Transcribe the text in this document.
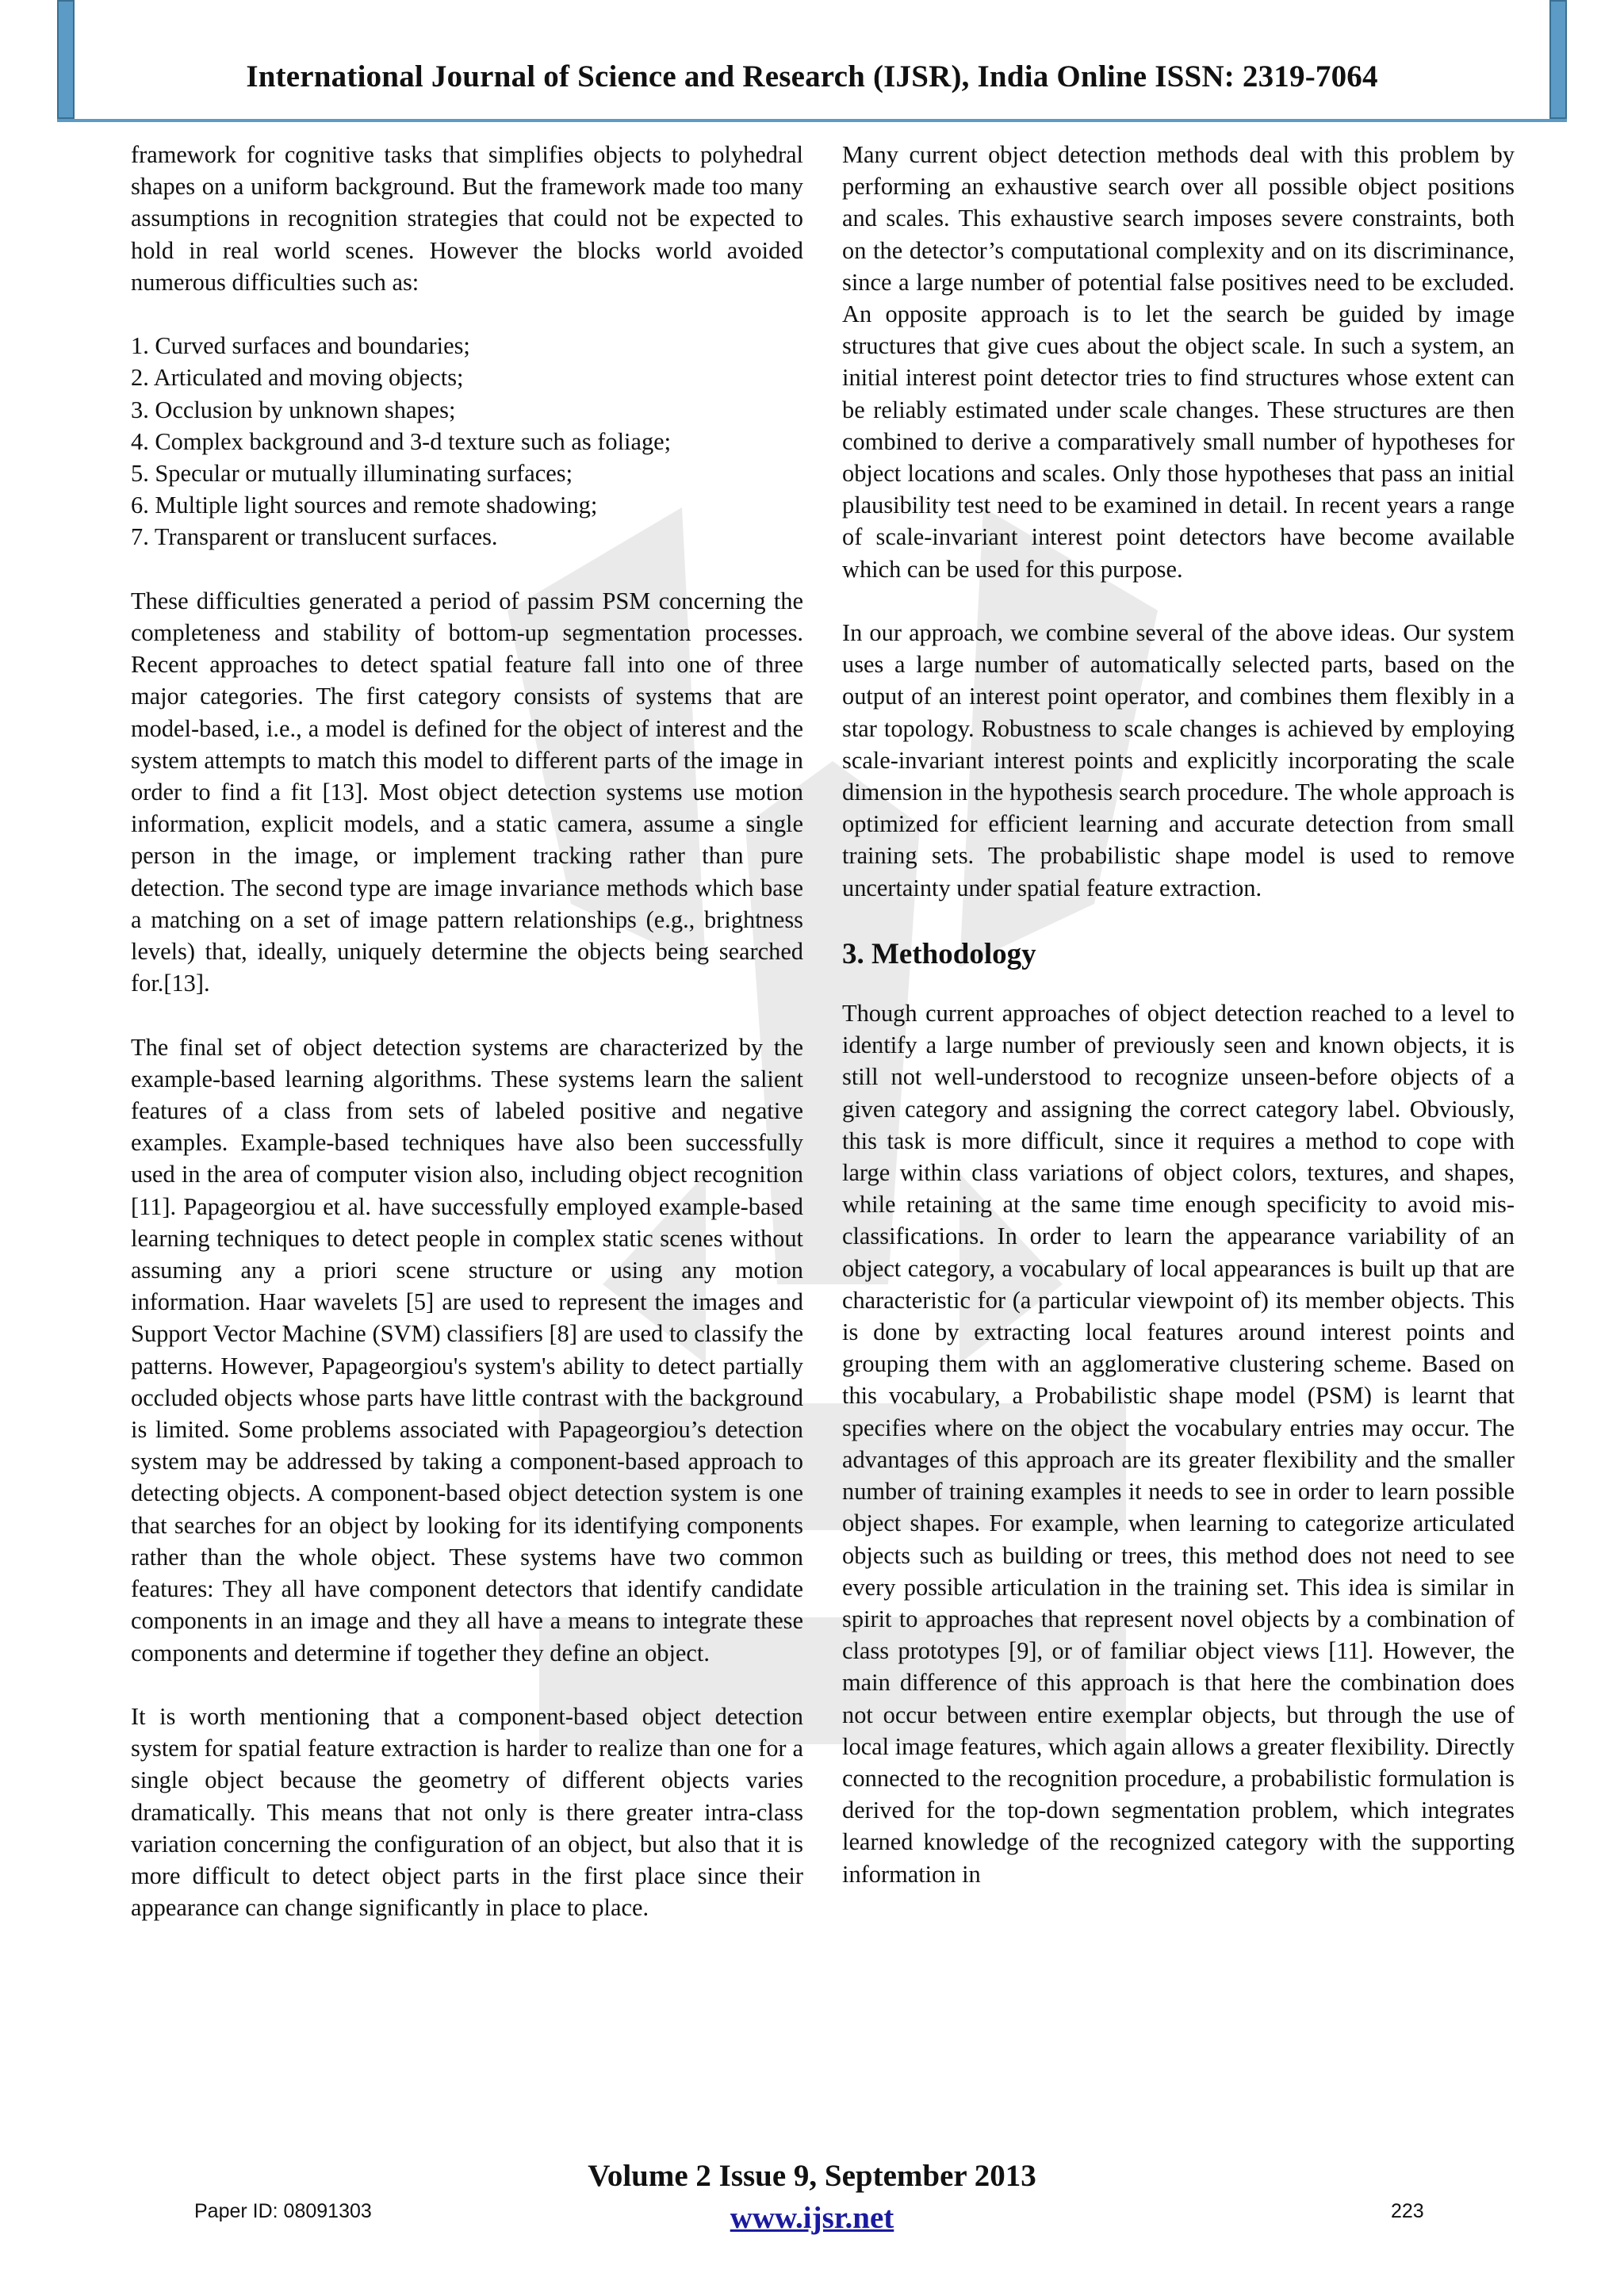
International Journal of Science and Research (IJSR), India Online ISSN: 2319-7064

framework for cognitive tasks that simplifies objects to polyhedral shapes on a uniform background. But the framework made too many assumptions in recognition strategies that could not be expected to hold in real world scenes. However the blocks world avoided numerous difficulties such as:

1. Curved surfaces and boundaries;
2. Articulated and moving objects;
3. Occlusion by unknown shapes;
4. Complex background and 3-d texture such as foliage;
5. Specular or mutually illuminating surfaces;
6. Multiple light sources and remote shadowing;
7. Transparent or translucent surfaces.

These difficulties generated a period of passim PSM concerning the completeness and stability of bottom-up segmentation processes. Recent approaches to detect spatial feature fall into one of three major categories. The first category consists of systems that are model-based, i.e., a model is defined for the object of interest and the system attempts to match this model to different parts of the image in order to find a fit [13]. Most object detection systems use motion information, explicit models, and a static camera, assume a single person in the image, or implement tracking rather than pure detection. The second type are image invariance methods which base a matching on a set of image pattern relationships (e.g., brightness levels) that, ideally, uniquely determine the objects being searched for.[13].

The final set of object detection systems are characterized by the example-based learning algorithms. These systems learn the salient features of a class from sets of labeled positive and negative examples. Example-based techniques have also been successfully used in the area of computer vision also, including object recognition [11]. Papageorgiou et al. have successfully employed example-based learning techniques to detect people in complex static scenes without assuming any a priori scene structure or using any motion information. Haar wavelets [5] are used to represent the images and Support Vector Machine (SVM) classifiers [8] are used to classify the patterns. However, Papageorgiou's system's ability to detect partially occluded objects whose parts have little contrast with the background is limited. Some problems associated with Papageorgiou’s detection system may be addressed by taking a component-based approach to detecting objects. A component-based object detection system is one that searches for an object by looking for its identifying components rather than the whole object. These systems have two common features: They all have component detectors that identify candidate components in an image and they all have a means to integrate these components and determine if together they define an object.

It is worth mentioning that a component-based object detection system for spatial feature extraction is harder to realize than one for a single object because the geometry of different objects varies dramatically. This means that not only is there greater intra-class variation concerning the configuration of an object, but also that it is more difficult to detect object parts in the first place since their appearance can change significantly in place to place.

Many current object detection methods deal with this problem by performing an exhaustive search over all possible object positions and scales. This exhaustive search imposes severe constraints, both on the detector’s computational complexity and on its discriminance, since a large number of potential false positives need to be excluded. An opposite approach is to let the search be guided by image structures that give cues about the object scale. In such a system, an initial interest point detector tries to find structures whose extent can be reliably estimated under scale changes. These structures are then combined to derive a comparatively small number of hypotheses for object locations and scales. Only those hypotheses that pass an initial plausibility test need to be examined in detail. In recent years a range of scale-invariant interest point detectors have become available which can be used for this purpose.

In our approach, we combine several of the above ideas. Our system uses a large number of automatically selected parts, based on the output of an interest point operator, and combines them flexibly in a star topology. Robustness to scale changes is achieved by employing scale-invariant interest points and explicitly incorporating the scale dimension in the hypothesis search procedure. The whole approach is optimized for efficient learning and accurate detection from small training sets. The probabilistic shape model is used to remove uncertainty under spatial feature extraction.

3. Methodology

Though current approaches of object detection reached to a level to identify a large number of previously seen and known objects, it is still not well-understood to recognize unseen-before objects of a given category and assigning the correct category label. Obviously, this task is more difficult, since it requires a method to cope with large within class variations of object colors, textures, and shapes, while retaining at the same time enough specificity to avoid mis-classifications. In order to learn the appearance variability of an object category, a vocabulary of local appearances is built up that are characteristic for (a particular viewpoint of) its member objects. This is done by extracting local features around interest points and grouping them with an agglomerative clustering scheme. Based on this vocabulary, a Probabilistic shape model (PSM) is learnt that specifies where on the object the vocabulary entries may occur. The advantages of this approach are its greater flexibility and the smaller number of training examples it needs to see in order to learn possible object shapes. For example, when learning to categorize articulated objects such as building or trees, this method does not need to see every possible articulation in the training set. This idea is similar in spirit to approaches that represent novel objects by a combination of class prototypes [9], or of familiar object views [11]. However, the main difference of this approach is that here the combination does not occur between entire exemplar objects, but through the use of local image features, which again allows a greater flexibility. Directly connected to the recognition procedure, a probabilistic formulation is derived for the top-down segmentation problem, which integrates learned knowledge of the recognized category with the supporting information in

Volume 2 Issue 9, September 2013
www.ijsr.net
Paper ID: 08091303	223
